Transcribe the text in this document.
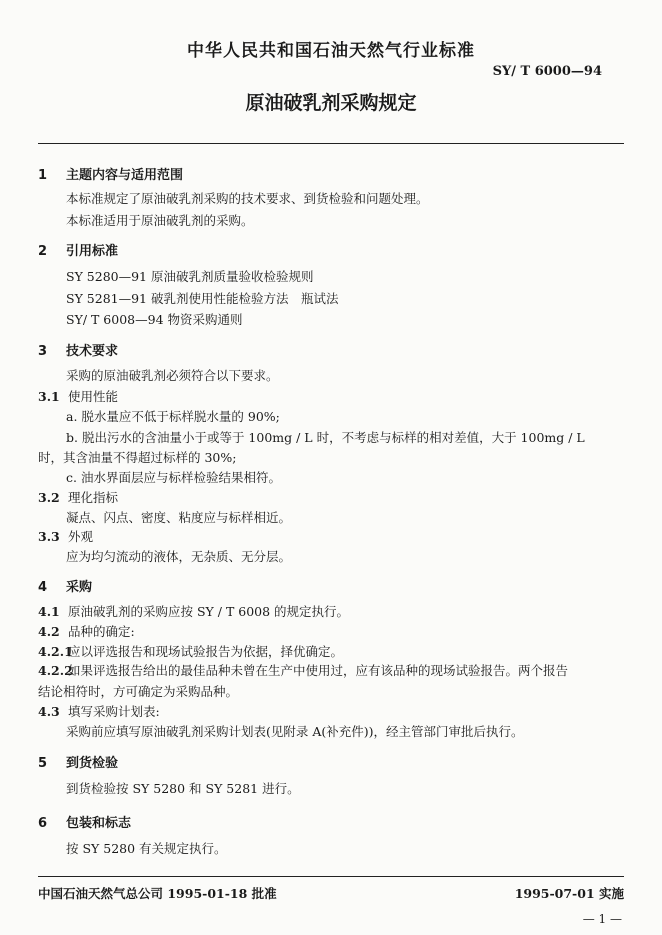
中华人民共和国石油天然气行业标准
SY/ T 6000—94
原油破乳剂采购规定
1 主题内容与适用范围
本标准规定了原油破乳剂采购的技术要求、到货检验和问题处理。
本标准适用于原油破乳剂的采购。
2 引用标准
SY 5280—91 原油破乳剂质量验收检验规则
SY 5281—91 破乳剂使用性能检验方法　瓶试法
SY/ T 6008—94 物资采购通则
3 技术要求
采购的原油破乳剂必须符合以下要求。
3.1 使用性能
a. 脱水量应不低于标样脱水量的 90%;
b. 脱出污水的含油量小于或等于 100mg / L 时，不考虑与标样的相对差值，大于 100mg / L
时，其含油量不得超过标样的 30%;
c. 油水界面层应与标样检验结果相符。
3.2 理化指标
凝点、闪点、密度、粘度应与标样相近。
3.3 外观
应为均匀流动的液体，无杂质、无分层。
4 采购
4.1 原油破乳剂的采购应按 SY / T 6008 的规定执行。
4.2 品种的确定:
4.2.1应以评选报告和现场试验报告为依据，择优确定。
4.2.2如果评选报告给出的最佳品种未曾在生产中使用过，应有该品种的现场试验报告。两个报告
结论相符时，方可确定为采购品种。
4.3 填写采购计划表:
采购前应填写原油破乳剂采购计划表(见附录 A(补充件))，经主管部门审批后执行。
5 到货检验
到货检验按 SY 5280 和 SY 5281 进行。
6 包装和标志
按 SY 5280 有关规定执行。
中国石油天然气总公司 1995-01-18 批准	1995-07-01 实施
— 1 —
